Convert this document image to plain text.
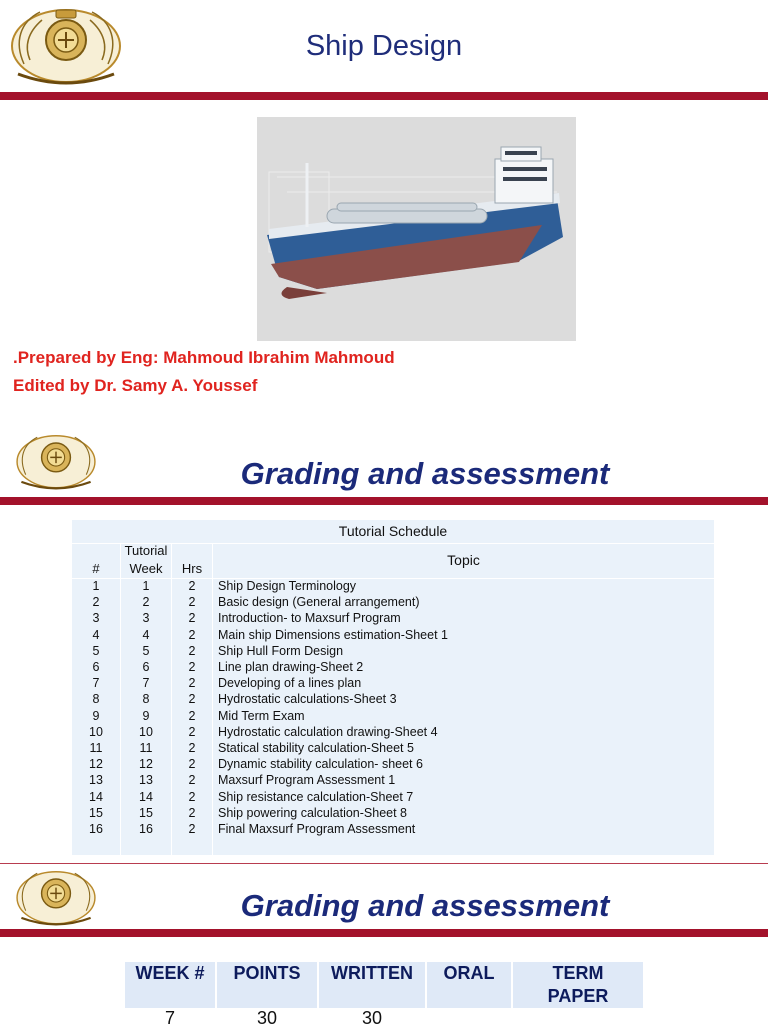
Ship Design
.Prepared by Eng: Mahmoud Ibrahim Mahmoud
Edited by Dr. Samy A. Youssef
Grading and assessment
Tutorial Schedule
#
Tutorial
Week	Hrs
Topic
1	1	2	Ship Design Terminology
2	2	2	Basic design (General arrangement)
3	3	2	Introduction- to Maxsurf Program
4	4	2	Main ship Dimensions estimation-Sheet 1
5	5	2	Ship Hull Form Design
6	6	2	Line plan drawing-Sheet 2
7	7	2	Developing of a lines plan
8	8	2	Hydrostatic calculations-Sheet 3
9	9	2	Mid Term Exam
10	10	2	Hydrostatic calculation drawing-Sheet 4
11	11	2	Statical stability calculation-Sheet 5
12	12	2	Dynamic stability calculation- sheet 6
13	13	2	Maxsurf Program Assessment 1
14	14	2	Ship resistance calculation-Sheet 7
15	15	2	Ship powering calculation-Sheet 8
16	16	2	Final Maxsurf Program Assessment
Grading and assessment
WEEK #	POINTS	WRITTEN	ORAL	TERM
PAPER
7	30	30
